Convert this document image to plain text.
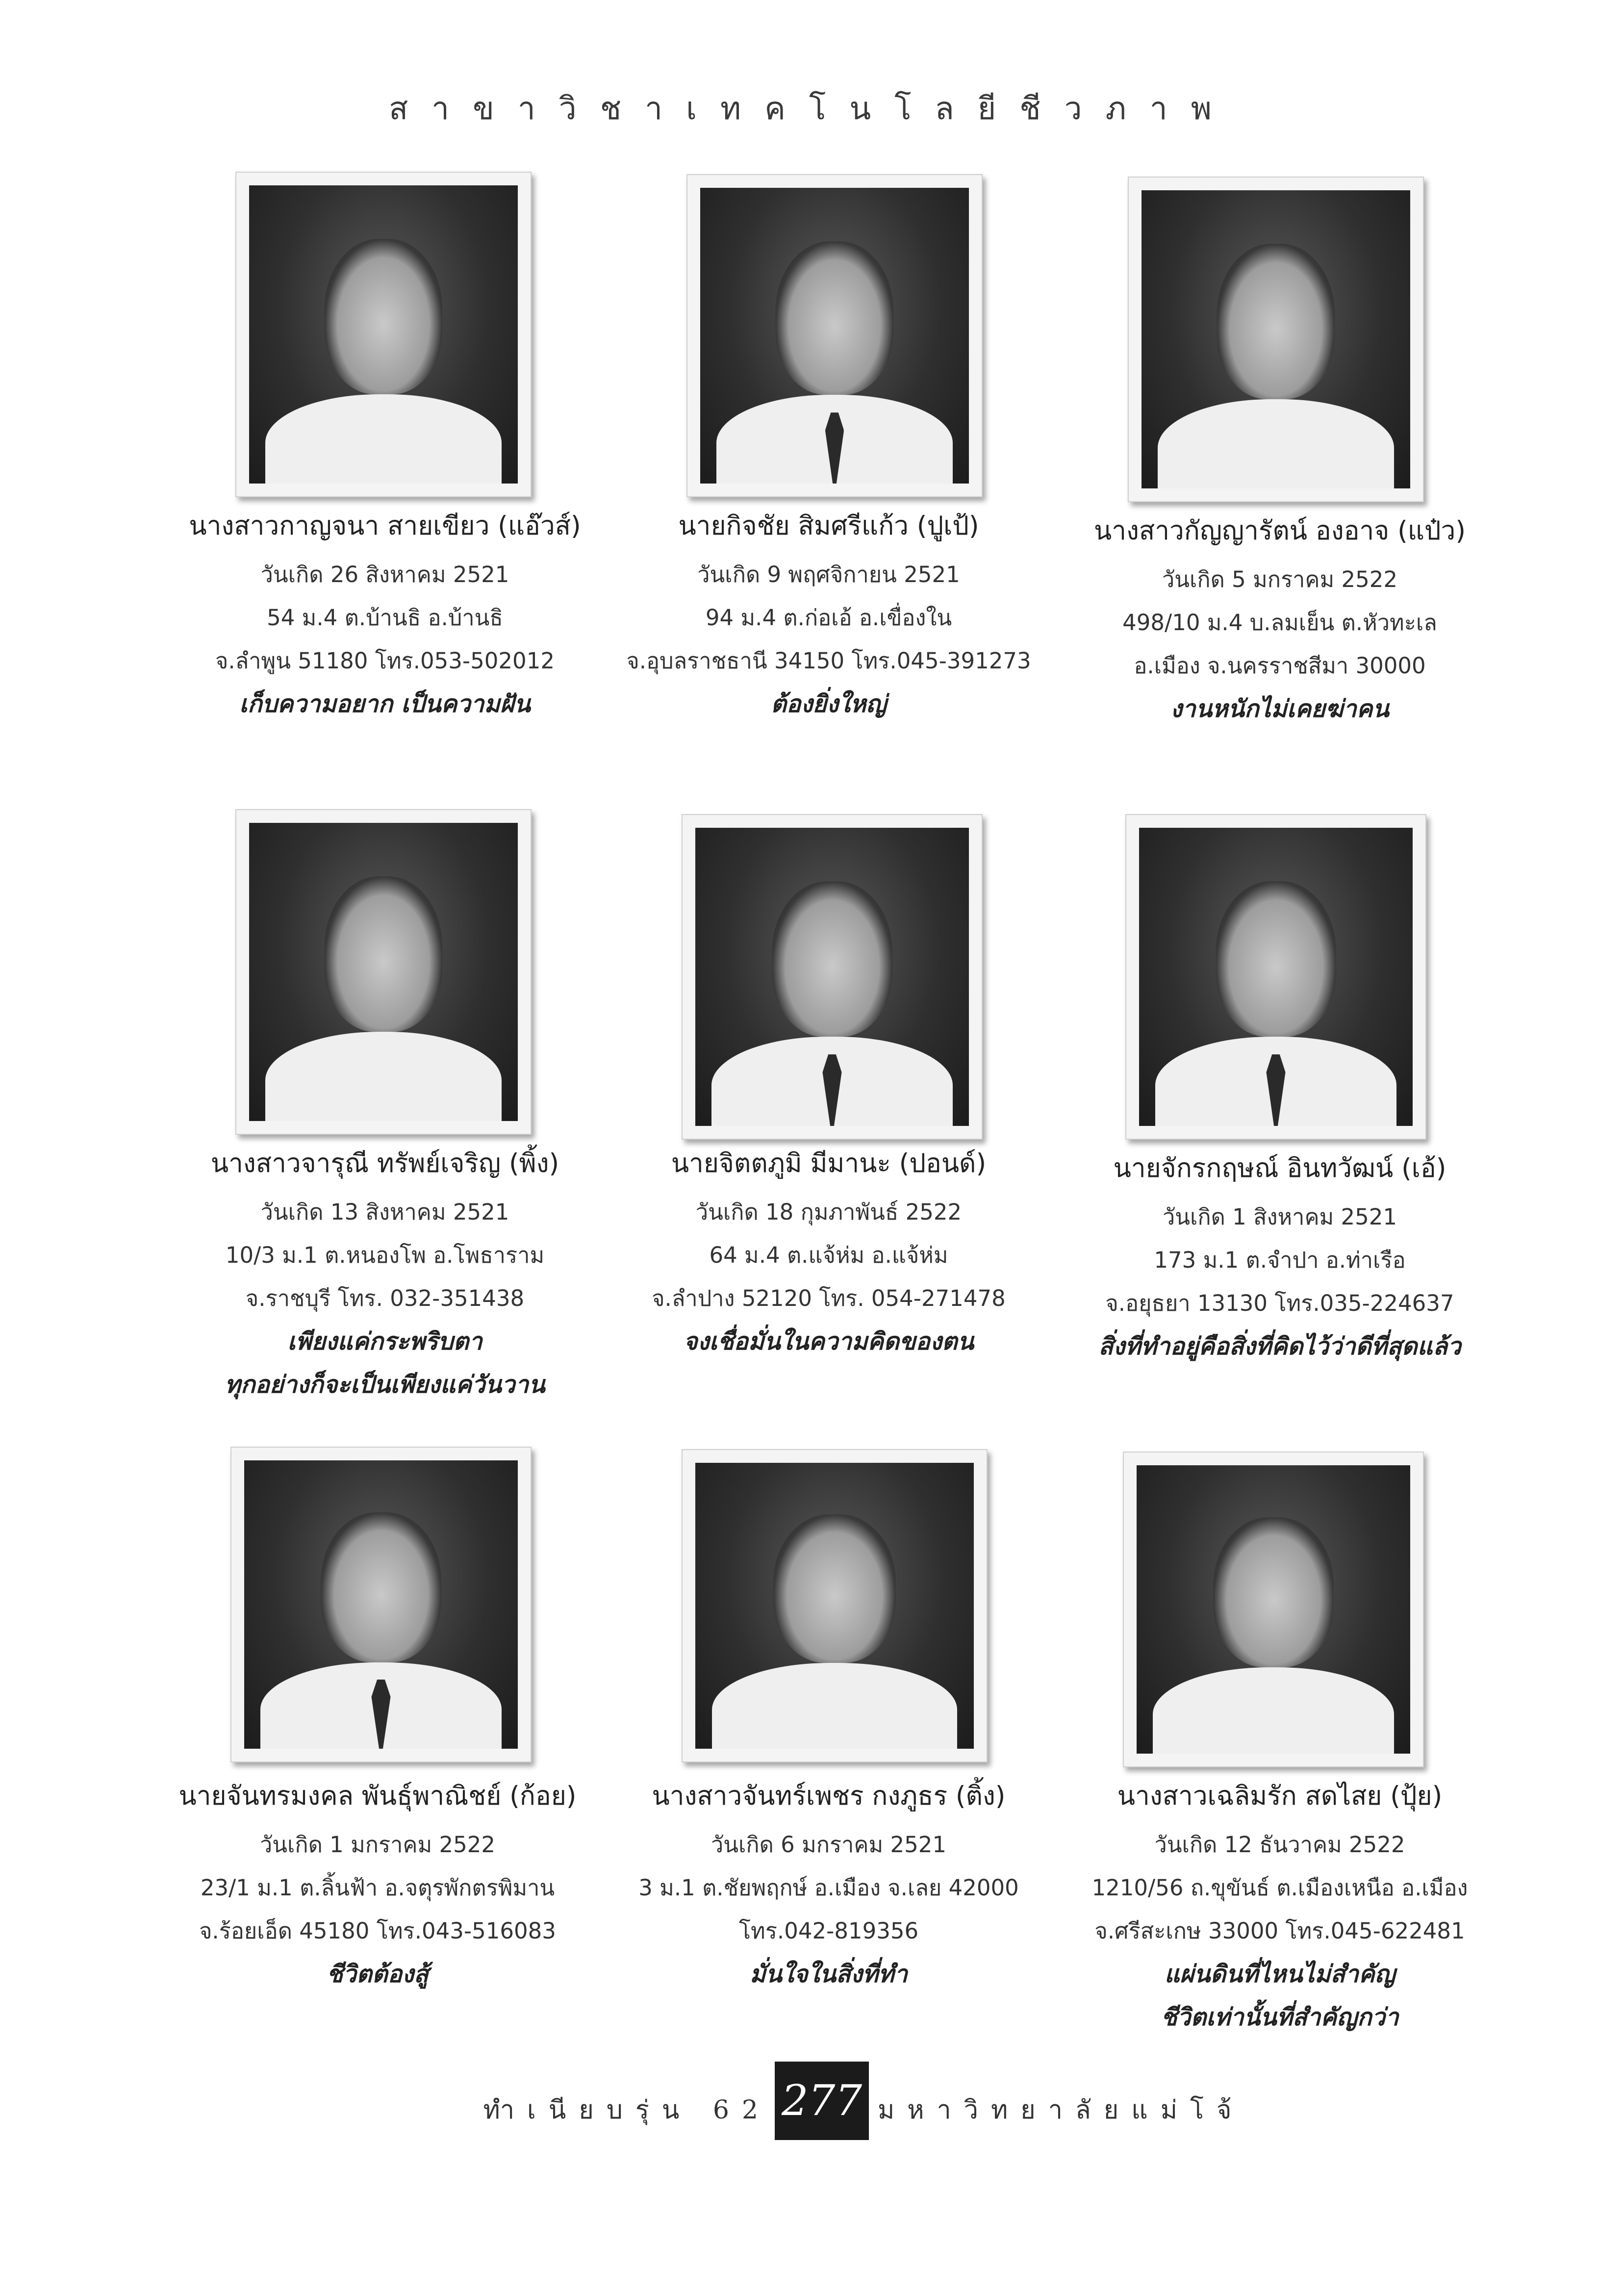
สาขาวิชาเทคโนโลยีชีวภาพ
นางสาวกาญจนา สายเขียว (แอ๊วส์)
วันเกิด 26 สิงหาคม 2521
54 ม.4 ต.บ้านธิ อ.บ้านธิ
จ.ลำพูน 51180 โทร.053-502012
เก็บความอยาก เป็นความฝัน
นายกิจชัย สิมศรีแก้ว (ปูเป้)
วันเกิด 9 พฤศจิกายน 2521
94 ม.4 ต.ก่อเอ้ อ.เขื่องใน
จ.อุบลราชธานี 34150 โทร.045-391273
ต้องยิ่งใหญ่
นางสาวกัญญารัตน์ องอาจ (แป๋ว)
วันเกิด 5 มกราคม 2522
498/10 ม.4 บ.ลมเย็น ต.หัวทะเล
อ.เมือง จ.นครราชสีมา 30000
งานหนักไม่เคยฆ่าคน
นางสาวจารุณี ทรัพย์เจริญ (พิ้ง)
วันเกิด 13 สิงหาคม 2521
10/3 ม.1 ต.หนองโพ อ.โพธาราม
จ.ราชบุรี โทร. 032-351438
เพียงแค่กระพริบตา
ทุกอย่างก็จะเป็นเพียงแค่วันวาน
นายจิตตภูมิ มีมานะ (ปอนด์)
วันเกิด 18 กุมภาพันธ์ 2522
64 ม.4 ต.แจ้ห่ม อ.แจ้ห่ม
จ.ลำปาง 52120 โทร. 054-271478
จงเชื่อมั่นในความคิดของตน
นายจักรกฤษณ์ อินทวัฒน์ (เอ้)
วันเกิด 1 สิงหาคม 2521
173 ม.1 ต.จำปา อ.ท่าเรือ
จ.อยุธยา 13130 โทร.035-224637
สิ่งที่ทำอยู่คือสิ่งที่คิดไว้ว่าดีที่สุดแล้ว
นายจันทรมงคล พันธุ์พาณิชย์ (ก้อย)
วันเกิด 1 มกราคม 2522
23/1 ม.1 ต.ลิ้นฟ้า อ.จตุรพักตรพิมาน
จ.ร้อยเอ็ด 45180 โทร.043-516083
ชีวิตต้องสู้
นางสาวจันทร์เพชร กงภูธร (ติ้ง)
วันเกิด 6 มกราคม 2521
3 ม.1 ต.ชัยพฤกษ์ อ.เมือง จ.เลย 42000
โทร.042-819356
มั่นใจในสิ่งที่ทำ
นางสาวเฉลิมรัก สดไสย (ปุ้ย)
วันเกิด 12 ธันวาคม 2522
1210/56 ถ.ขุขันธ์ ต.เมืองเหนือ อ.เมือง
จ.ศรีสะเกษ 33000 โทร.045-622481
แผ่นดินที่ไหนไม่สำคัญ
ชีวิตเท่านั้นที่สำคัญกว่า
ทำเนียบรุ่น 62 277 มหาวิทยาลัยแม่โจ้
